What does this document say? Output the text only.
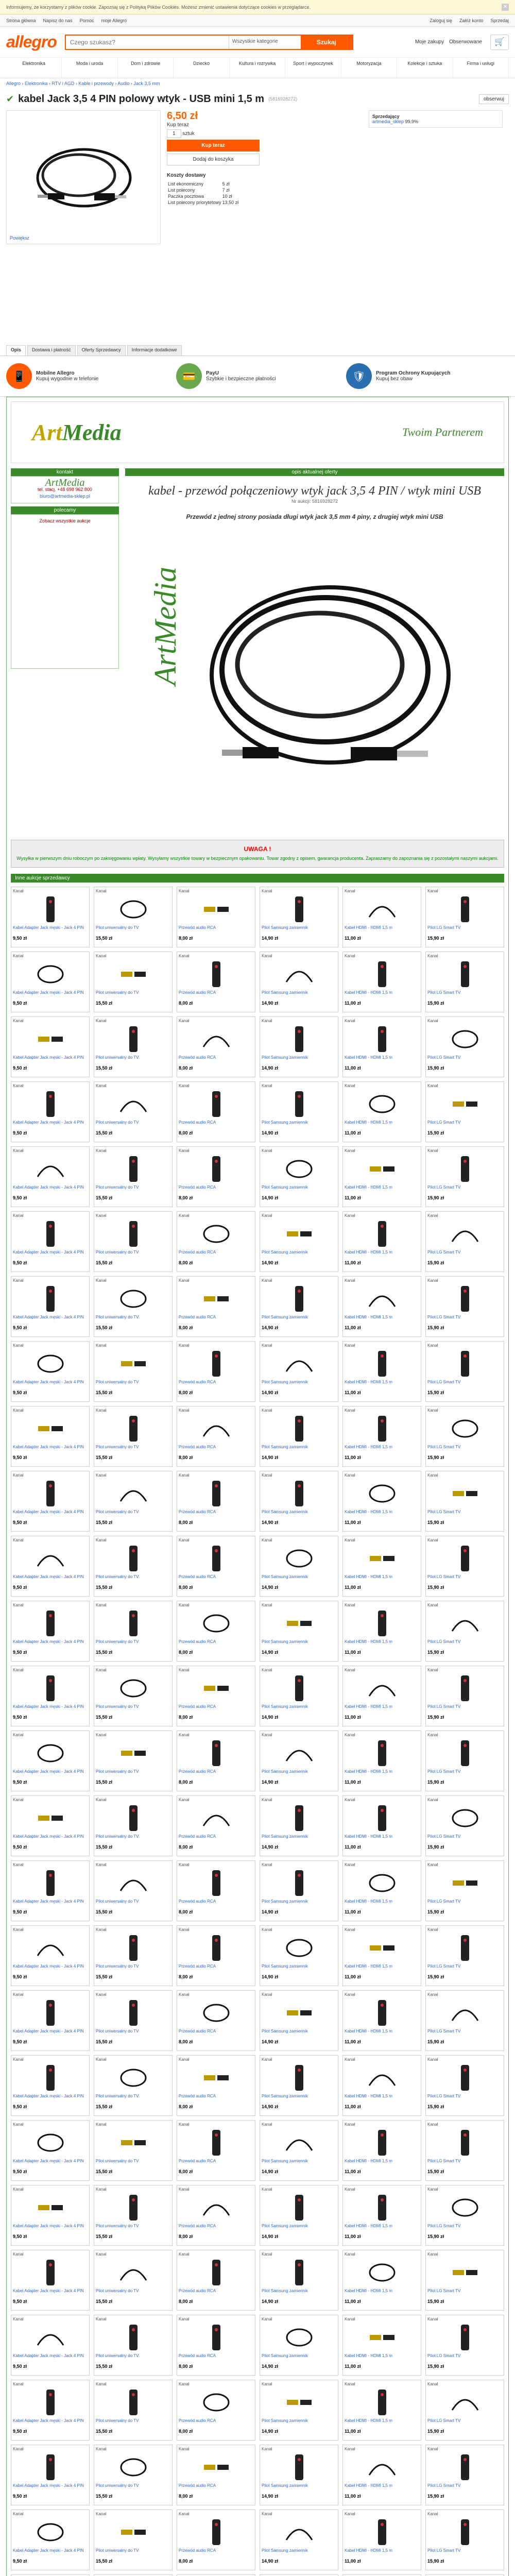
Informujemy, że korzystamy z plików cookie. Zapoznaj się z Polityką Plików Cookies. Możesz zmienić ustawienia dotyczące cookies w przeglądarce.	✕
Strona główna Napisz do nas Pomoc moje Allegro	Zaloguj się Załóż konto Sprzedaj
allegro
Czego szukasz?	Wszystkie kategorie	Szukaj	Moje zakupy Obserwowane	🛒
Elektronika	Moda i uroda	Dom i zdrowie	Dziecko	Kultura i rozrywka	Sport i wypoczynek	Motoryzacja	Kolekcje i sztuka	Firma i usługi
Allegro › Elektronika › RTV i AGD › Kable i przewody › Audio › Jack 3,5 mm
✔ kabel Jack 3,5 4 PIN polowy wtyk - USB mini 1,5 m (5816928272)	obserwuj
Powiększ
6,50 zł
Kup teraz
1 sztuk
Kup teraz
Dodaj do koszyka
Koszty dostawy
List ekonomiczny	5 zł
List polecony	7 zł
Paczka pocztowa	10 zł
List polecony priorytetowy	13,50 zł
Sprzedający
artmedia_sklep 99,9%
Opis	Dostawa i płatność	Oferty Sprzedawcy	Informacje dodatkowe
📱	Mobilne Allegro
Kupuj wygodnie w telefonie	💳	PayU
Szybkie i bezpieczne płatności	🛡	Program Ochrony Kupujących
Kupuj bez obaw
ArtMedia	Twoim Partnerem
kontakt
ArtMedia
tel. stacj. +48 698 962 800
biuro@artmedia-sklep.pl
polecamy
Zobacz wszystkie aukcje
opis aktualnej oferty
kabel - przewód połączeniowy wtyk jack 3,5 4 PIN / wtyk mini USB
Nr aukcji: 5816928272
Przewód z jednej strony posiada długi wtyk jack 3,5 mm 4 piny, z drugiej wtyk mini USB
ArtMedia
UWAGA !
Wysyłka w pierwszym dniu roboczym po zaksięgowaniu wpłaty. Wysyłamy wszystkie towary w bezpiecznym opakowaniu. Towar zgodny z opisem, gwarancja producenta. Zapraszamy do zapoznania się z pozostałymi naszymi aukcjami.
Inne aukcje sprzedawcy
Kanał
Kabel Adapter Jack męski - Jack 4 PIN
9,50 zł
Kanał
Pilot uniwersalny do TV
15,50 zł
Kanał
Przewód audio RCA
8,00 zł
Kanał
Pilot Samsung zamiennik
14,90 zł
Kanał
Kabel HDMI - HDMI 1,5 m
11,00 zł
Kanał
Pilot LG Smart TV
15,90 zł
Kanał
Kabel Adapter Jack męski - Jack 4 PIN
9,50 zł
Kanał
Pilot uniwersalny do TV
15,50 zł
Kanał
Przewód audio RCA
8,00 zł
Kanał
Pilot Samsung zamiennik
14,90 zł
Kanał
Kabel HDMI - HDMI 1,5 m
11,00 zł
Kanał
Pilot LG Smart TV
15,90 zł
Kanał
Kabel Adapter Jack męski - Jack 4 PIN
9,50 zł
Kanał
Pilot uniwersalny do TV
15,50 zł
Kanał
Przewód audio RCA
8,00 zł
Kanał
Pilot Samsung zamiennik
14,90 zł
Kanał
Kabel HDMI - HDMI 1,5 m
11,00 zł
Kanał
Pilot LG Smart TV
15,90 zł
Kanał
Kabel Adapter Jack męski - Jack 4 PIN
9,50 zł
Kanał
Pilot uniwersalny do TV
15,50 zł
Kanał
Przewód audio RCA
8,00 zł
Kanał
Pilot Samsung zamiennik
14,90 zł
Kanał
Kabel HDMI - HDMI 1,5 m
11,00 zł
Kanał
Pilot LG Smart TV
15,90 zł
Kanał
Kabel Adapter Jack męski - Jack 4 PIN
9,50 zł
Kanał
Pilot uniwersalny do TV
15,50 zł
Kanał
Przewód audio RCA
8,00 zł
Kanał
Pilot Samsung zamiennik
14,90 zł
Kanał
Kabel HDMI - HDMI 1,5 m
11,00 zł
Kanał
Pilot LG Smart TV
15,90 zł
Kanał
Kabel Adapter Jack męski - Jack 4 PIN
9,50 zł
Kanał
Pilot uniwersalny do TV
15,50 zł
Kanał
Przewód audio RCA
8,00 zł
Kanał
Pilot Samsung zamiennik
14,90 zł
Kanał
Kabel HDMI - HDMI 1,5 m
11,00 zł
Kanał
Pilot LG Smart TV
15,90 zł
Kanał
Kabel Adapter Jack męski - Jack 4 PIN
9,50 zł
Kanał
Pilot uniwersalny do TV
15,50 zł
Kanał
Przewód audio RCA
8,00 zł
Kanał
Pilot Samsung zamiennik
14,90 zł
Kanał
Kabel HDMI - HDMI 1,5 m
11,00 zł
Kanał
Pilot LG Smart TV
15,90 zł
Kanał
Kabel Adapter Jack męski - Jack 4 PIN
9,50 zł
Kanał
Pilot uniwersalny do TV
15,50 zł
Kanał
Przewód audio RCA
8,00 zł
Kanał
Pilot Samsung zamiennik
14,90 zł
Kanał
Kabel HDMI - HDMI 1,5 m
11,00 zł
Kanał
Pilot LG Smart TV
15,90 zł
Kanał
Kabel Adapter Jack męski - Jack 4 PIN
9,50 zł
Kanał
Pilot uniwersalny do TV
15,50 zł
Kanał
Przewód audio RCA
8,00 zł
Kanał
Pilot Samsung zamiennik
14,90 zł
Kanał
Kabel HDMI - HDMI 1,5 m
11,00 zł
Kanał
Pilot LG Smart TV
15,90 zł
Kanał
Kabel Adapter Jack męski - Jack 4 PIN
9,50 zł
Kanał
Pilot uniwersalny do TV
15,50 zł
Kanał
Przewód audio RCA
8,00 zł
Kanał
Pilot Samsung zamiennik
14,90 zł
Kanał
Kabel HDMI - HDMI 1,5 m
11,00 zł
Kanał
Pilot LG Smart TV
15,90 zł
Kanał
Kabel Adapter Jack męski - Jack 4 PIN
9,50 zł
Kanał
Pilot uniwersalny do TV
15,50 zł
Kanał
Przewód audio RCA
8,00 zł
Kanał
Pilot Samsung zamiennik
14,90 zł
Kanał
Kabel HDMI - HDMI 1,5 m
11,00 zł
Kanał
Pilot LG Smart TV
15,90 zł
Kanał
Kabel Adapter Jack męski - Jack 4 PIN
9,50 zł
Kanał
Pilot uniwersalny do TV
15,50 zł
Kanał
Przewód audio RCA
8,00 zł
Kanał
Pilot Samsung zamiennik
14,90 zł
Kanał
Kabel HDMI - HDMI 1,5 m
11,00 zł
Kanał
Pilot LG Smart TV
15,90 zł
Kanał
Kabel Adapter Jack męski - Jack 4 PIN
9,50 zł
Kanał
Pilot uniwersalny do TV
15,50 zł
Kanał
Przewód audio RCA
8,00 zł
Kanał
Pilot Samsung zamiennik
14,90 zł
Kanał
Kabel HDMI - HDMI 1,5 m
11,00 zł
Kanał
Pilot LG Smart TV
15,90 zł
Kanał
Kabel Adapter Jack męski - Jack 4 PIN
9,50 zł
Kanał
Pilot uniwersalny do TV
15,50 zł
Kanał
Przewód audio RCA
8,00 zł
Kanał
Pilot Samsung zamiennik
14,90 zł
Kanał
Kabel HDMI - HDMI 1,5 m
11,00 zł
Kanał
Pilot LG Smart TV
15,90 zł
Kanał
Kabel Adapter Jack męski - Jack 4 PIN
9,50 zł
Kanał
Pilot uniwersalny do TV
15,50 zł
Kanał
Przewód audio RCA
8,00 zł
Kanał
Pilot Samsung zamiennik
14,90 zł
Kanał
Kabel HDMI - HDMI 1,5 m
11,00 zł
Kanał
Pilot LG Smart TV
15,90 zł
Kanał
Kabel Adapter Jack męski - Jack 4 PIN
9,50 zł
Kanał
Pilot uniwersalny do TV
15,50 zł
Kanał
Przewód audio RCA
8,00 zł
Kanał
Pilot Samsung zamiennik
14,90 zł
Kanał
Kabel HDMI - HDMI 1,5 m
11,00 zł
Kanał
Pilot LG Smart TV
15,90 zł
Kanał
Kabel Adapter Jack męski - Jack 4 PIN
9,50 zł
Kanał
Pilot uniwersalny do TV
15,50 zł
Kanał
Przewód audio RCA
8,00 zł
Kanał
Pilot Samsung zamiennik
14,90 zł
Kanał
Kabel HDMI - HDMI 1,5 m
11,00 zł
Kanał
Pilot LG Smart TV
15,90 zł
Kanał
Kabel Adapter Jack męski - Jack 4 PIN
9,50 zł
Kanał
Pilot uniwersalny do TV
15,50 zł
Kanał
Przewód audio RCA
8,00 zł
Kanał
Pilot Samsung zamiennik
14,90 zł
Kanał
Kabel HDMI - HDMI 1,5 m
11,00 zł
Kanał
Pilot LG Smart TV
15,90 zł
Kanał
Kabel Adapter Jack męski - Jack 4 PIN
9,50 zł
Kanał
Pilot uniwersalny do TV
15,50 zł
Kanał
Przewód audio RCA
8,00 zł
Kanał
Pilot Samsung zamiennik
14,90 zł
Kanał
Kabel HDMI - HDMI 1,5 m
11,00 zł
Kanał
Pilot LG Smart TV
15,90 zł
Kanał
Kabel Adapter Jack męski - Jack 4 PIN
9,50 zł
Kanał
Pilot uniwersalny do TV
15,50 zł
Kanał
Przewód audio RCA
8,00 zł
Kanał
Pilot Samsung zamiennik
14,90 zł
Kanał
Kabel HDMI - HDMI 1,5 m
11,00 zł
Kanał
Pilot LG Smart TV
15,90 zł
Kanał
Kabel Adapter Jack męski - Jack 4 PIN
9,50 zł
Kanał
Pilot uniwersalny do TV
15,50 zł
Kanał
Przewód audio RCA
8,00 zł
Kanał
Pilot Samsung zamiennik
14,90 zł
Kanał
Kabel HDMI - HDMI 1,5 m
11,00 zł
Kanał
Pilot LG Smart TV
15,90 zł
Kanał
Kabel Adapter Jack męski - Jack 4 PIN
9,50 zł
Kanał
Pilot uniwersalny do TV
15,50 zł
Kanał
Przewód audio RCA
8,00 zł
Kanał
Pilot Samsung zamiennik
14,90 zł
Kanał
Kabel HDMI - HDMI 1,5 m
11,00 zł
Kanał
Pilot LG Smart TV
15,90 zł
Kanał
Kabel Adapter Jack męski - Jack 4 PIN
9,50 zł
Kanał
Pilot uniwersalny do TV
15,50 zł
Kanał
Przewód audio RCA
8,00 zł
Kanał
Pilot Samsung zamiennik
14,90 zł
Kanał
Kabel HDMI - HDMI 1,5 m
11,00 zł
Kanał
Pilot LG Smart TV
15,90 zł
Kanał
Kabel Adapter Jack męski - Jack 4 PIN
9,50 zł
Kanał
Pilot uniwersalny do TV
15,50 zł
Kanał
Przewód audio RCA
8,00 zł
Kanał
Pilot Samsung zamiennik
14,90 zł
Kanał
Kabel HDMI - HDMI 1,5 m
11,00 zł
Kanał
Pilot LG Smart TV
15,90 zł
Kanał
Kabel Adapter Jack męski - Jack 4 PIN
9,50 zł
Kanał
Pilot uniwersalny do TV
15,50 zł
Kanał
Przewód audio RCA
8,00 zł
Kanał
Pilot Samsung zamiennik
14,90 zł
Kanał
Kabel HDMI - HDMI 1,5 m
11,00 zł
Kanał
Pilot LG Smart TV
15,90 zł
Kanał
Kabel Adapter Jack męski - Jack 4 PIN
9,50 zł
Kanał
Pilot uniwersalny do TV
15,50 zł
Kanał
Przewód audio RCA
8,00 zł
Kanał
Pilot Samsung zamiennik
14,90 zł
Kanał
Kabel HDMI - HDMI 1,5 m
11,00 zł
Kanał
Pilot LG Smart TV
15,90 zł
